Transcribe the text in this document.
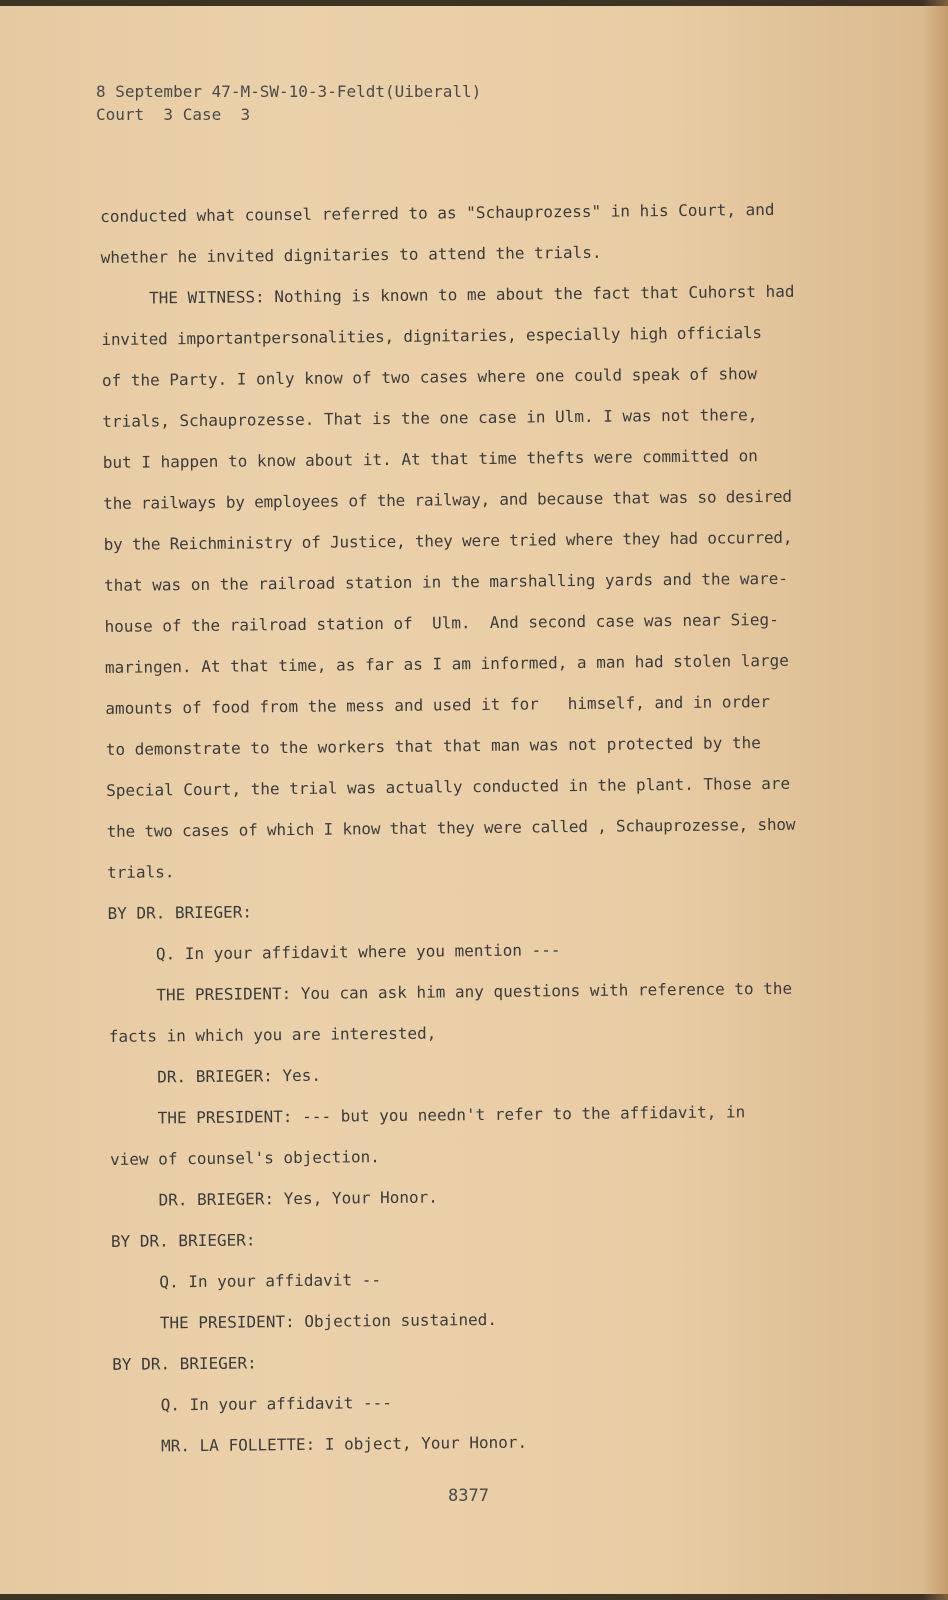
8 September 47-M-SW-10-3-Feldt(Uiberall)
Court  3 Case  3
conducted what counsel referred to as "Schauprozess" in his Court, and
whether he invited dignitaries to attend the trials.
THE WITNESS: Nothing is known to me about the fact that Cuhorst had
invited importantpersonalities, dignitaries, especially high officials
of the Party. I only know of two cases where one could speak of show
trials, Schauprozesse. That is the one case in Ulm. I was not there,
but I happen to know about it. At that time thefts were committed on
the railways by employees of the railway, and because that was so desired
by the Reichministry of Justice, they were tried where they had occurred,
that was on the railroad station in the marshalling yards and the ware-
house of the railroad station of  Ulm.  And second case was near Sieg-
maringen. At that time, as far as I am informed, a man had stolen large
amounts of food from the mess and used it for   himself, and in order
to demonstrate to the workers that that man was not protected by the
Special Court, the trial was actually conducted in the plant. Those are
the two cases of which I know that they were called , Schauprozesse, show
trials.
BY DR. BRIEGER:
Q. In your affidavit where you mention ---
THE PRESIDENT: You can ask him any questions with reference to the
facts in which you are interested,
DR. BRIEGER: Yes.
THE PRESIDENT: --- but you needn't refer to the affidavit, in
view of counsel's objection.
DR. BRIEGER: Yes, Your Honor.
BY DR. BRIEGER:
Q. In your affidavit --
THE PRESIDENT: Objection sustained.
BY DR. BRIEGER:
Q. In your affidavit ---
MR. LA FOLLETTE: I object, Your Honor.
8377
